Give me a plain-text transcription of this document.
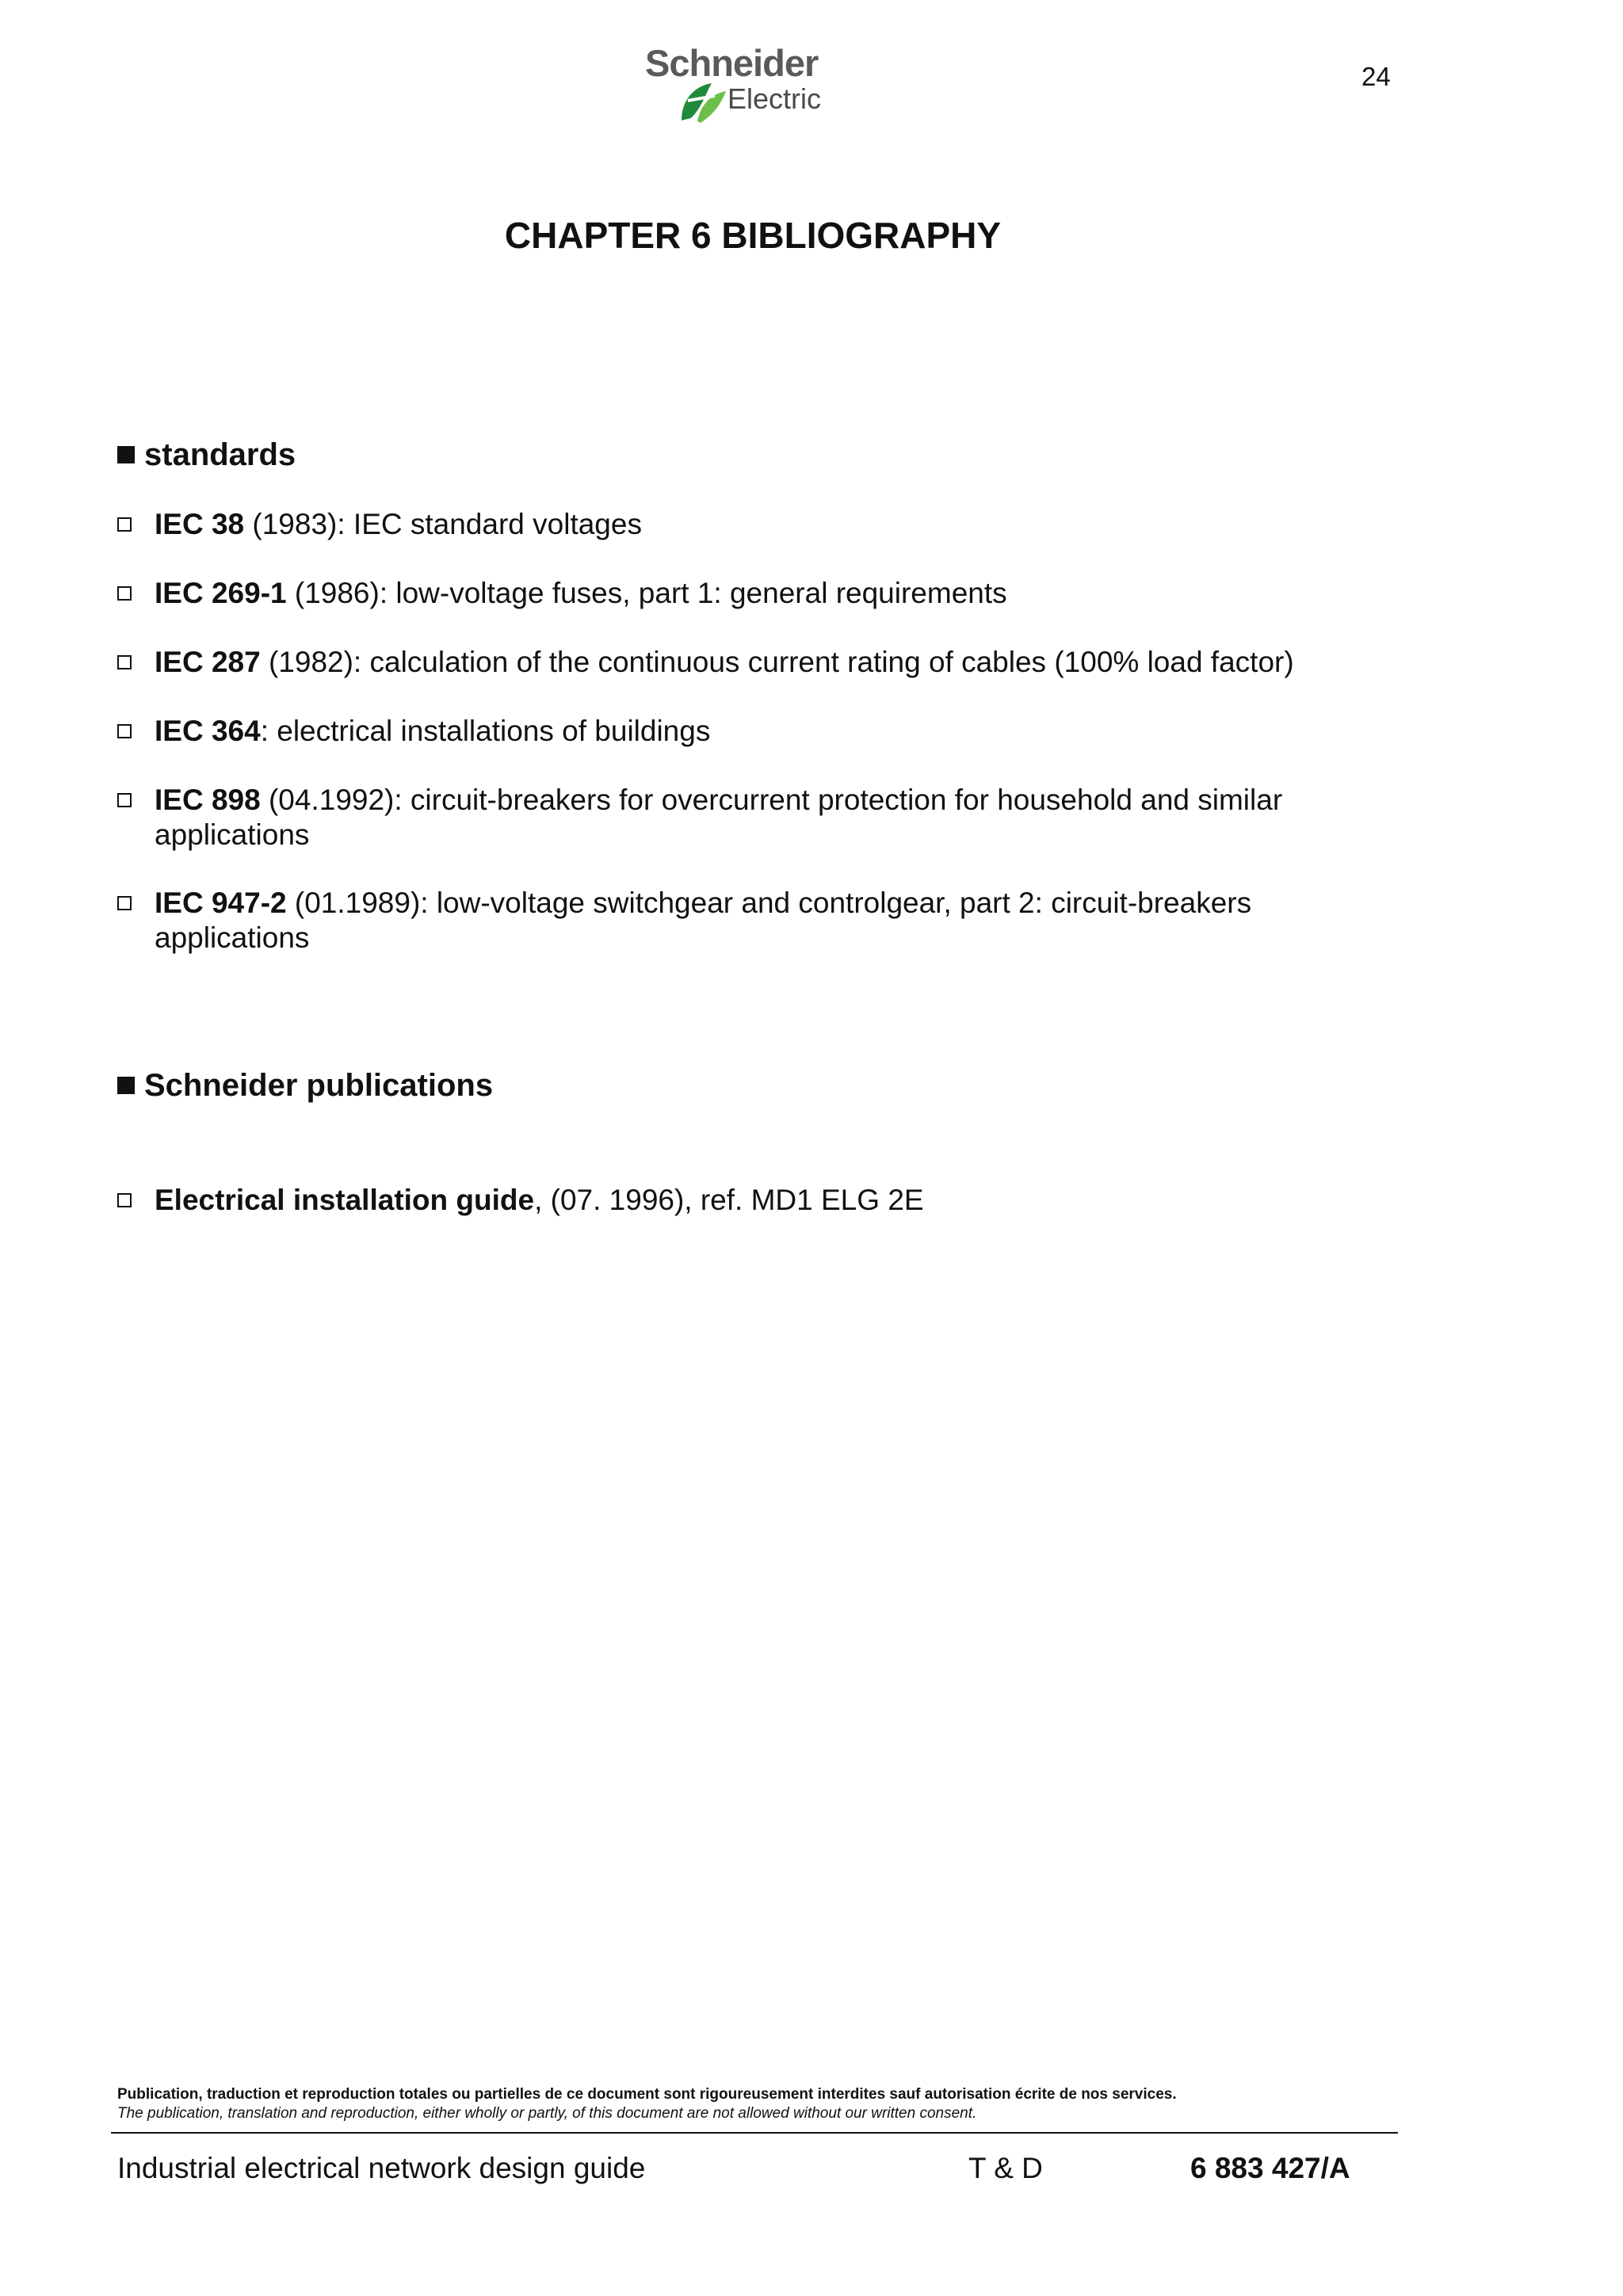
Schneider
Electric
24
CHAPTER 6 BIBLIOGRAPHY
standards
IEC 38 (1983): IEC standard voltages
IEC 269-1 (1986): low-voltage fuses, part 1: general requirements
IEC 287 (1982): calculation of the continuous current rating of cables (100% load factor)
IEC 364: electrical installations of buildings
IEC 898 (04.1992): circuit-breakers for overcurrent protection for household and similar applications
IEC 947-2 (01.1989): low-voltage switchgear and controlgear, part 2: circuit-breakers applications
Schneider publications
Electrical installation guide, (07. 1996), ref. MD1 ELG 2E
Publication, traduction et reproduction totales ou partielles de ce document sont rigoureusement interdites sauf autorisation écrite de nos services.
The publication, translation and reproduction, either wholly or partly, of this document are not allowed without our written consent.
Industrial electrical network design guide	T & D	6 883 427/A
